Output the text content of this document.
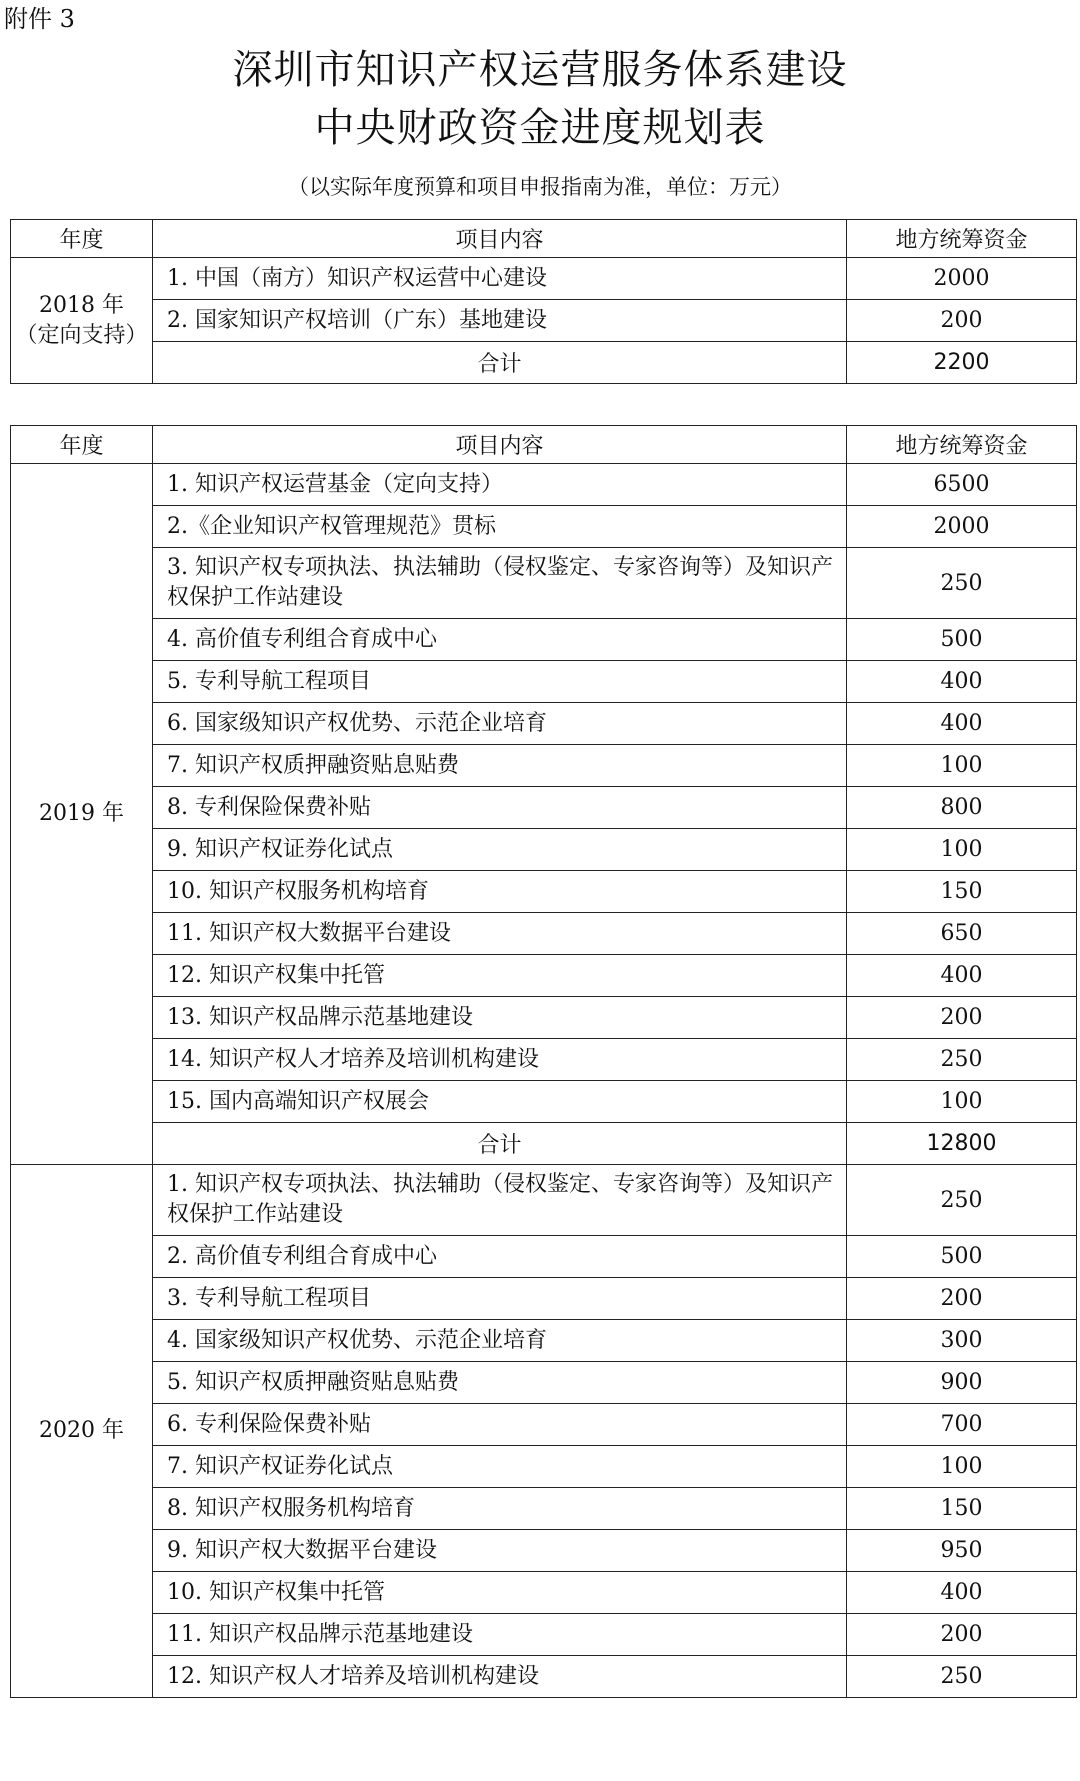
附件 3
深圳市知识产权运营服务体系建设
中央财政资金进度规划表
（以实际年度预算和项目申报指南为准，单位：万元）
年度	项目内容	地方统筹资金

2018 年
（定向支持）	1. 中国（南方）知识产权运营中心建设	2000
	2. 国家知识产权培训（广东）基地建设	200
	合计	2200
年度	项目内容	地方统筹资金
2019 年	1. 知识产权运营基金（定向支持）	6500
	2.《企业知识产权管理规范》贯标	2000
	3. 知识产权专项执法、执法辅助（侵权鉴定、专家咨询等）及知识产权保护工作站建设	250
	4. 高价值专利组合育成中心	500
	5. 专利导航工程项目	400
	6. 国家级知识产权优势、示范企业培育	400
	7. 知识产权质押融资贴息贴费	100
	8. 专利保险保费补贴	800
	9. 知识产权证券化试点	100
	10. 知识产权服务机构培育	150
	11. 知识产权大数据平台建设	650
	12. 知识产权集中托管	400
	13. 知识产权品牌示范基地建设	200
	14. 知识产权人才培养及培训机构建设	250
	15. 国内高端知识产权展会	100
	合计	12800
2020 年	1. 知识产权专项执法、执法辅助（侵权鉴定、专家咨询等）及知识产权保护工作站建设	250
	2. 高价值专利组合育成中心	500
	3. 专利导航工程项目	200
	4. 国家级知识产权优势、示范企业培育	300
	5. 知识产权质押融资贴息贴费	900
	6. 专利保险保费补贴	700
	7. 知识产权证券化试点	100
	8. 知识产权服务机构培育	150
	9. 知识产权大数据平台建设	950
	10. 知识产权集中托管	400
	11. 知识产权品牌示范基地建设	200
	12. 知识产权人才培养及培训机构建设	250
